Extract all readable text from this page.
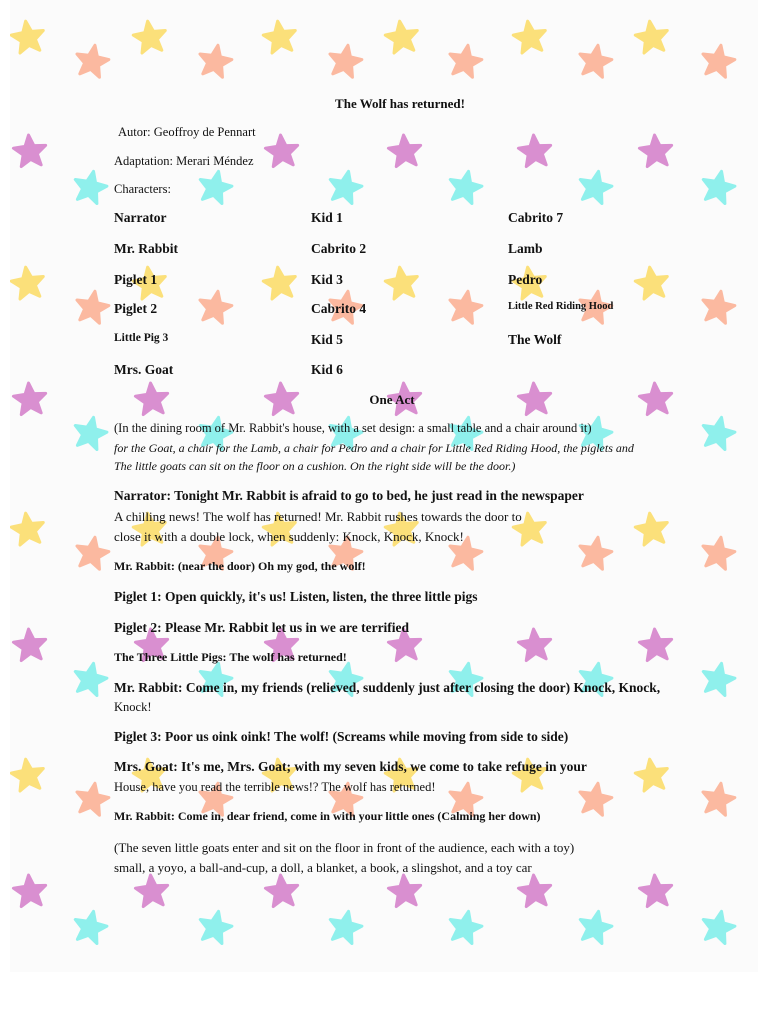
The Wolf has returned!
Autor: Geoffroy de Pennart
Adaptation: Merari Méndez
Characters:
Narrator
Mr. Rabbit
Piglet 1
Piglet 2
Little Pig 3
Mrs. Goat
Kid 1
Cabrito 2
Kid 3
Cabrito 4
Kid 5
Kid 6
Cabrito 7
Lamb
Pedro
Little Red Riding Hood
The Wolf
One Act
(In the dining room of Mr. Rabbit's house, with a set design: a small table and a chair around it)
for the Goat, a chair for the Lamb, a chair for Pedro and a chair for Little Red Riding Hood, the piglets and
The little goats can sit on the floor on a cushion. On the right side will be the door.)
Narrator: Tonight Mr. Rabbit is afraid to go to bed, he just read in the newspaper
A chilling news! The wolf has returned! Mr. Rabbit rushes towards the door to
close it with a double lock, when suddenly: Knock, Knock, Knock!
Mr. Rabbit: (near the door) Oh my god, the wolf!
Piglet 1: Open quickly, it's us! Listen, listen, the three little pigs
Piglet 2: Please Mr. Rabbit let us in we are terrified
The Three Little Pigs: The wolf has returned!
Mr. Rabbit: Come in, my friends (relieved, suddenly just after closing the door) Knock, Knock,
Knock!
Piglet 3: Poor us oink oink! The wolf! (Screams while moving from side to side)
Mrs. Goat: It's me, Mrs. Goat; with my seven kids, we come to take refuge in your
House, have you read the terrible news!? The wolf has returned!
Mr. Rabbit: Come in, dear friend, come in with your little ones (Calming her down)
(The seven little goats enter and sit on the floor in front of the audience, each with a toy)
small, a yoyo, a ball-and-cup, a doll, a blanket, a book, a slingshot, and a toy car
